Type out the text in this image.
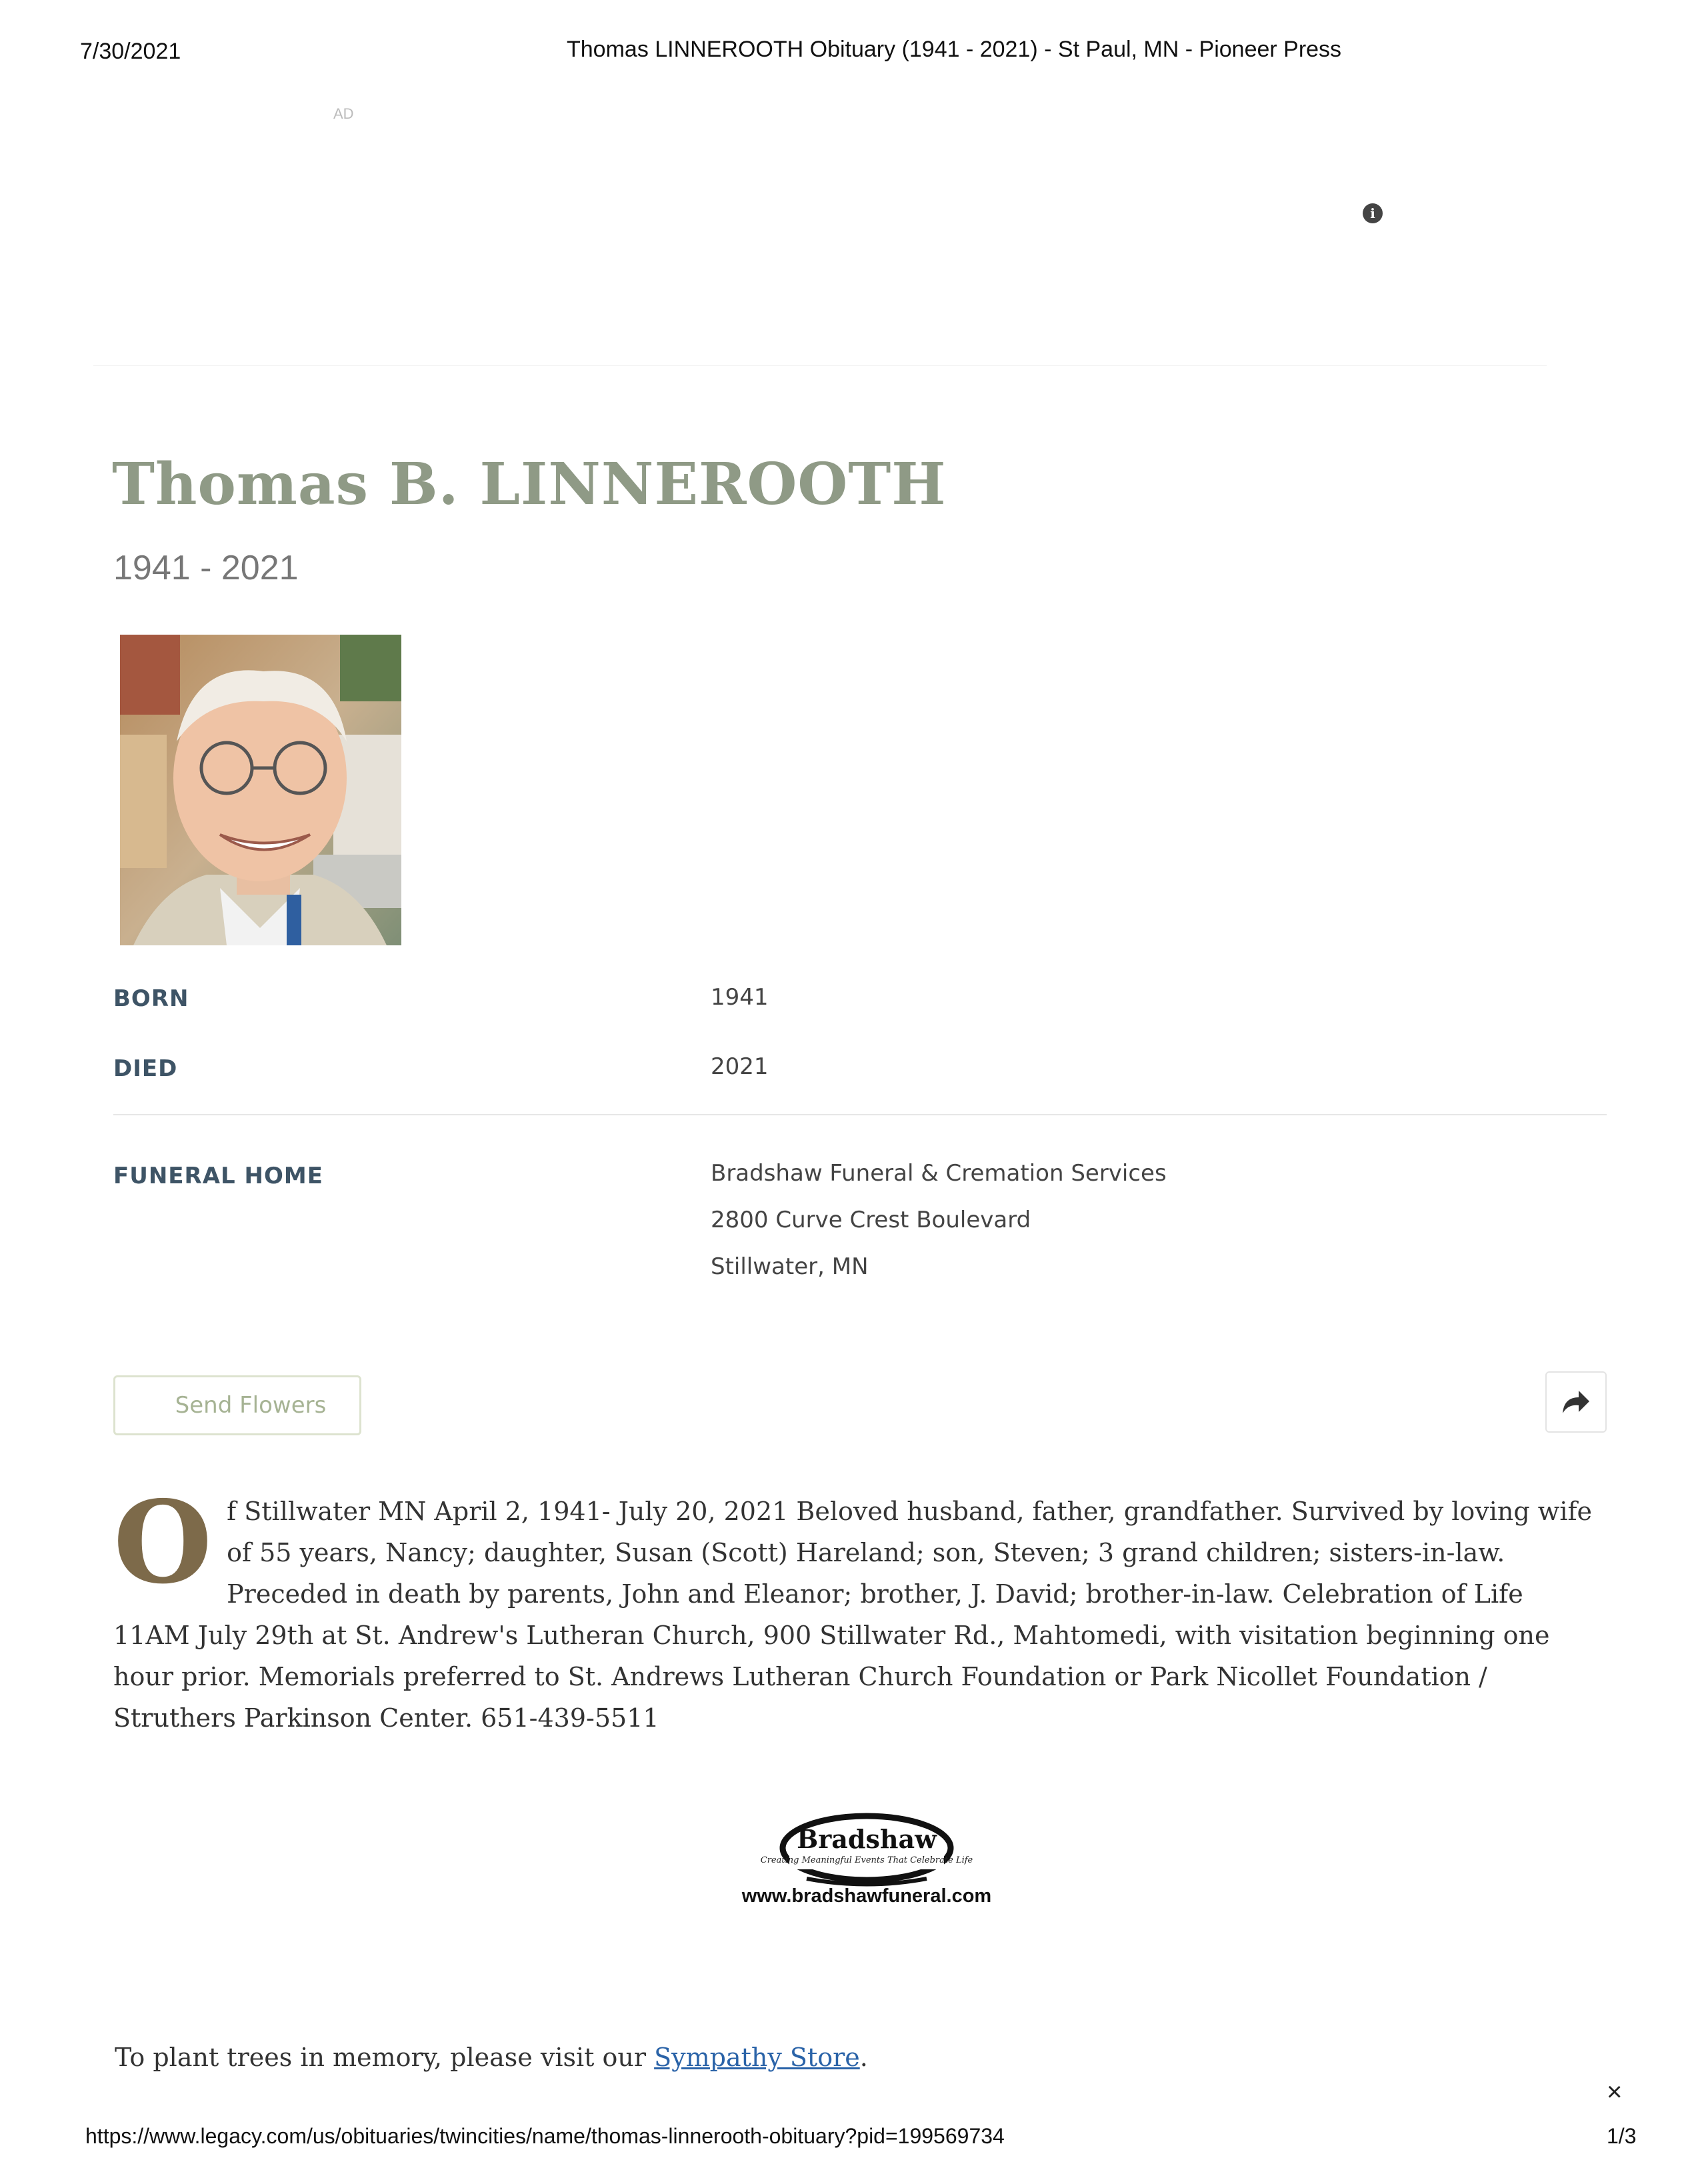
7/30/2021	Thomas LINNEROOTH Obituary (1941 - 2021) - St Paul, MN - Pioneer Press
AD
i
Thomas B. LINNEROOTH
1941 - 2021
BORN	1941
DIED	2021
FUNERAL HOME	Bradshaw Funeral & Cremation Services
2800 Curve Crest Boulevard
Stillwater, MN
Send Flowers
O f Stillwater MN April 2, 1941- July 20, 2021 Beloved husband, father, grandfather. Survived by loving wife of 55 years, Nancy; daughter, Susan (Scott) Hareland; son, Steven; 3 grand children; sisters-in-law. Preceded in death by parents, John and Eleanor; brother, J. David; brother-in-law. Celebration of Life 11AM July 29th at St. Andrew's Lutheran Church, 900 Stillwater Rd., Mahtomedi, with visitation beginning one hour prior. Memorials preferred to St. Andrews Lutheran Church Foundation or Park Nicollet Foundation / Struthers Parkinson Center. 651-439-5511
Bradshaw
Creating Meaningful Events That Celebrate Life
www.bradshawfuneral.com
To plant trees in memory, please visit our Sympathy Store.
×
https://www.legacy.com/us/obituaries/twincities/name/thomas-linnerooth-obituary?pid=199569734	1/3
